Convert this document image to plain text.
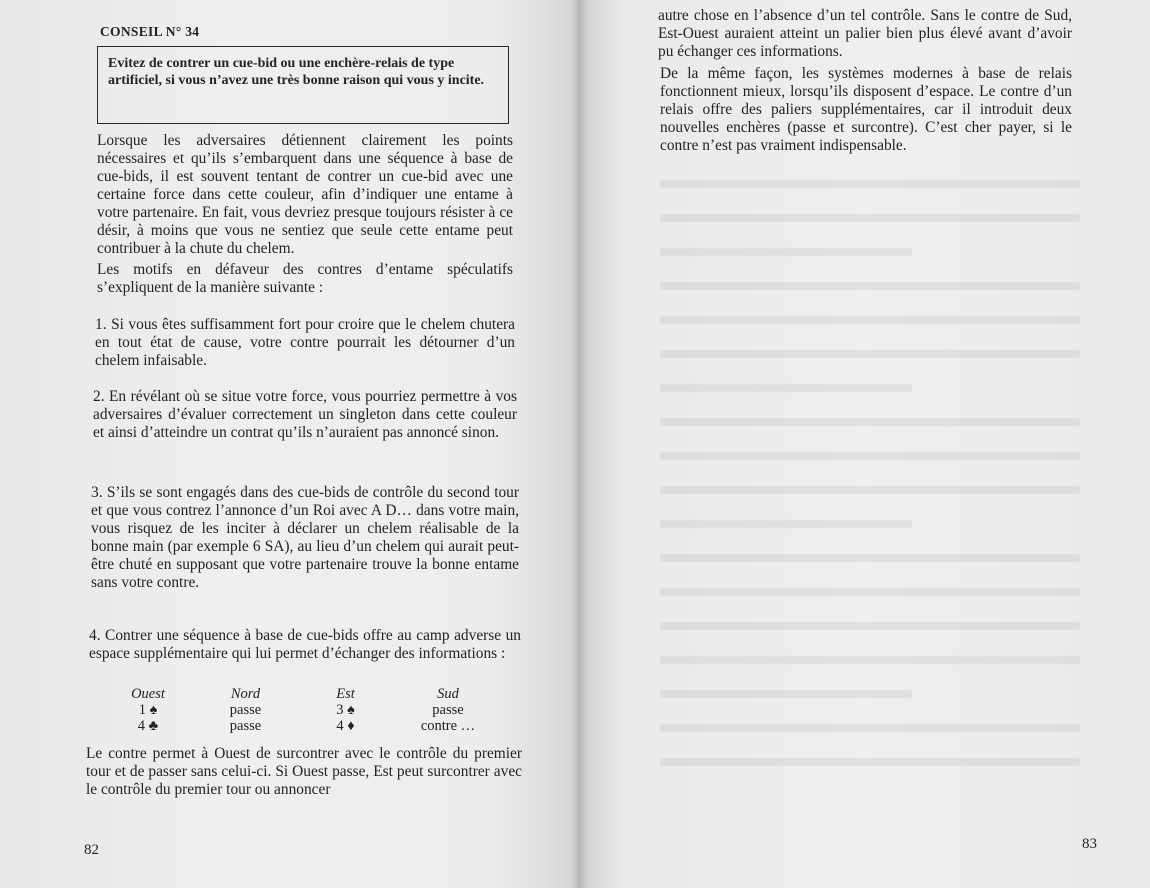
CONSEIL N° 34
Evitez de contrer un cue-bid ou une enchère-relais de type artificiel, si vous n’avez une très bonne raison qui vous y incite.

Lorsque les adversaires détiennent clairement les points nécessaires et qu’ils s’embarquent dans une séquence à base de cue-bids, il est souvent tentant de contrer un cue-bid avec une certaine force dans cette couleur, afin d’indiquer une entame à votre partenaire. En fait, vous devriez presque toujours résister à ce désir, à moins que vous ne sentiez que seule cette entame peut contribuer à la chute du chelem.

Les motifs en défaveur des contres d’entame spéculatifs s’expliquent de la manière suivante :

1. Si vous êtes suffisamment fort pour croire que le chelem chutera en tout état de cause, votre contre pourrait les détourner d’un chelem infaisable.

2. En révélant où se situe votre force, vous pourriez permettre à vos adversaires d’évaluer correctement un singleton dans cette couleur et ainsi d’atteindre un contrat qu’ils n’auraient pas annoncé sinon.

3. S’ils se sont engagés dans des cue-bids de contrôle du second tour et que vous contrez l’annonce d’un Roi avec A D… dans votre main, vous risquez de les inciter à déclarer un chelem réalisable de la bonne main (par exemple 6 SA), au lieu d’un chelem qui aurait peut-être chuté en supposant que votre partenaire trouve la bonne entame sans votre contre.

4. Contrer une séquence à base de cue-bids offre au camp adverse un espace supplémentaire qui lui permet d’échanger des informations :

Ouest	Nord	Est	Sud
1 ♠	passe	3 ♠	passe
4 ♣	passe	4 ♦	contre …

Le contre permet à Ouest de surcontrer avec le contrôle du premier tour et de passer sans celui-ci. Si Ouest passe, Est peut surcontrer avec le contrôle du premier tour ou annoncer

82

autre chose en l’absence d’un tel contrôle. Sans le contre de Sud, Est-Ouest auraient atteint un palier bien plus élevé avant d’avoir pu échanger ces informations.

De la même façon, les systèmes modernes à base de relais fonctionnent mieux, lorsqu’ils disposent d’espace. Le contre d’un relais offre des paliers supplémentaires, car il introduit deux nouvelles enchères (passe et surcontre). C’est cher payer, si le contre n’est pas vraiment indispensable.

83
